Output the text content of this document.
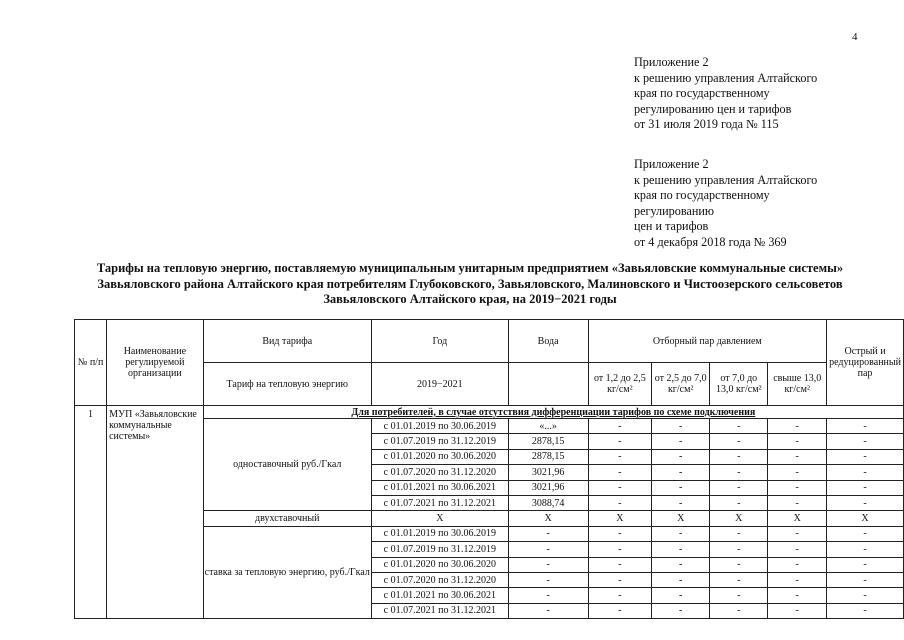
4
Приложение 2
к решению управления Алтайского
края по государственному
регулированию цен и тарифов
от 31 июля 2019 года № 115
Приложение 2
к решению управления Алтайского
края по государственному
регулированию
цен и тарифов
от 4 декабря 2018 года № 369
Тарифы на тепловую энергию, поставляемую муниципальным унитарным предприятием «Завьяловские коммунальные системы»
Завьяловского района Алтайского края потребителям Глубоковского, Завьяловского, Малиновского и Чистоозерского сельсоветов
Завьяловского Алтайского края, на 2019−2021 годы
№ п/п	Наименование регулируемой организации	Вид тарифа	Год	Вода	Отборный пар давлением				Острый и редуцированный пар
		Тариф на тепловую энергию	2019−2021		от 1,2 до 2,5 кг/см²	от 2,5 до 7,0 кг/см²	от 7,0 до 13,0 кг/см²	свыше 13,0 кг/см²	
1	МУП «Завьяловские коммунальные системы»	Для потребителей, в случае отсутствия дифференциации тарифов по схеме подключения							
		одноставочный руб./Гкал	с 01.01.2019 по 30.06.2019	«...»	-	-	-	-	-
			с 01.07.2019 по 31.12.2019	2878,15	-	-	-	-	-
			с 01.01.2020 по 30.06.2020	2878,15	-	-	-	-	-
			с 01.07.2020 по 31.12.2020	3021,96	-	-	-	-	-
			с 01.01.2021 по 30.06.2021	3021,96	-	-	-	-	-
			с 01.07.2021 по 31.12.2021	3088,74	-	-	-	-	-
		двухставочный	Х	Х	Х	Х	Х	Х	Х
		ставка за тепловую энергию, руб./Гкал	с 01.01.2019 по 30.06.2019	-	-	-	-	-	-
			с 01.07.2019 по 31.12.2019	-	-	-	-	-	-
			с 01.01.2020 по 30.06.2020	-	-	-	-	-	-
			с 01.07.2020 по 31.12.2020	-	-	-	-	-	-
			с 01.01.2021 по 30.06.2021	-	-	-	-	-	-
			с 01.07.2021 по 31.12.2021	-	-	-	-	-	-
